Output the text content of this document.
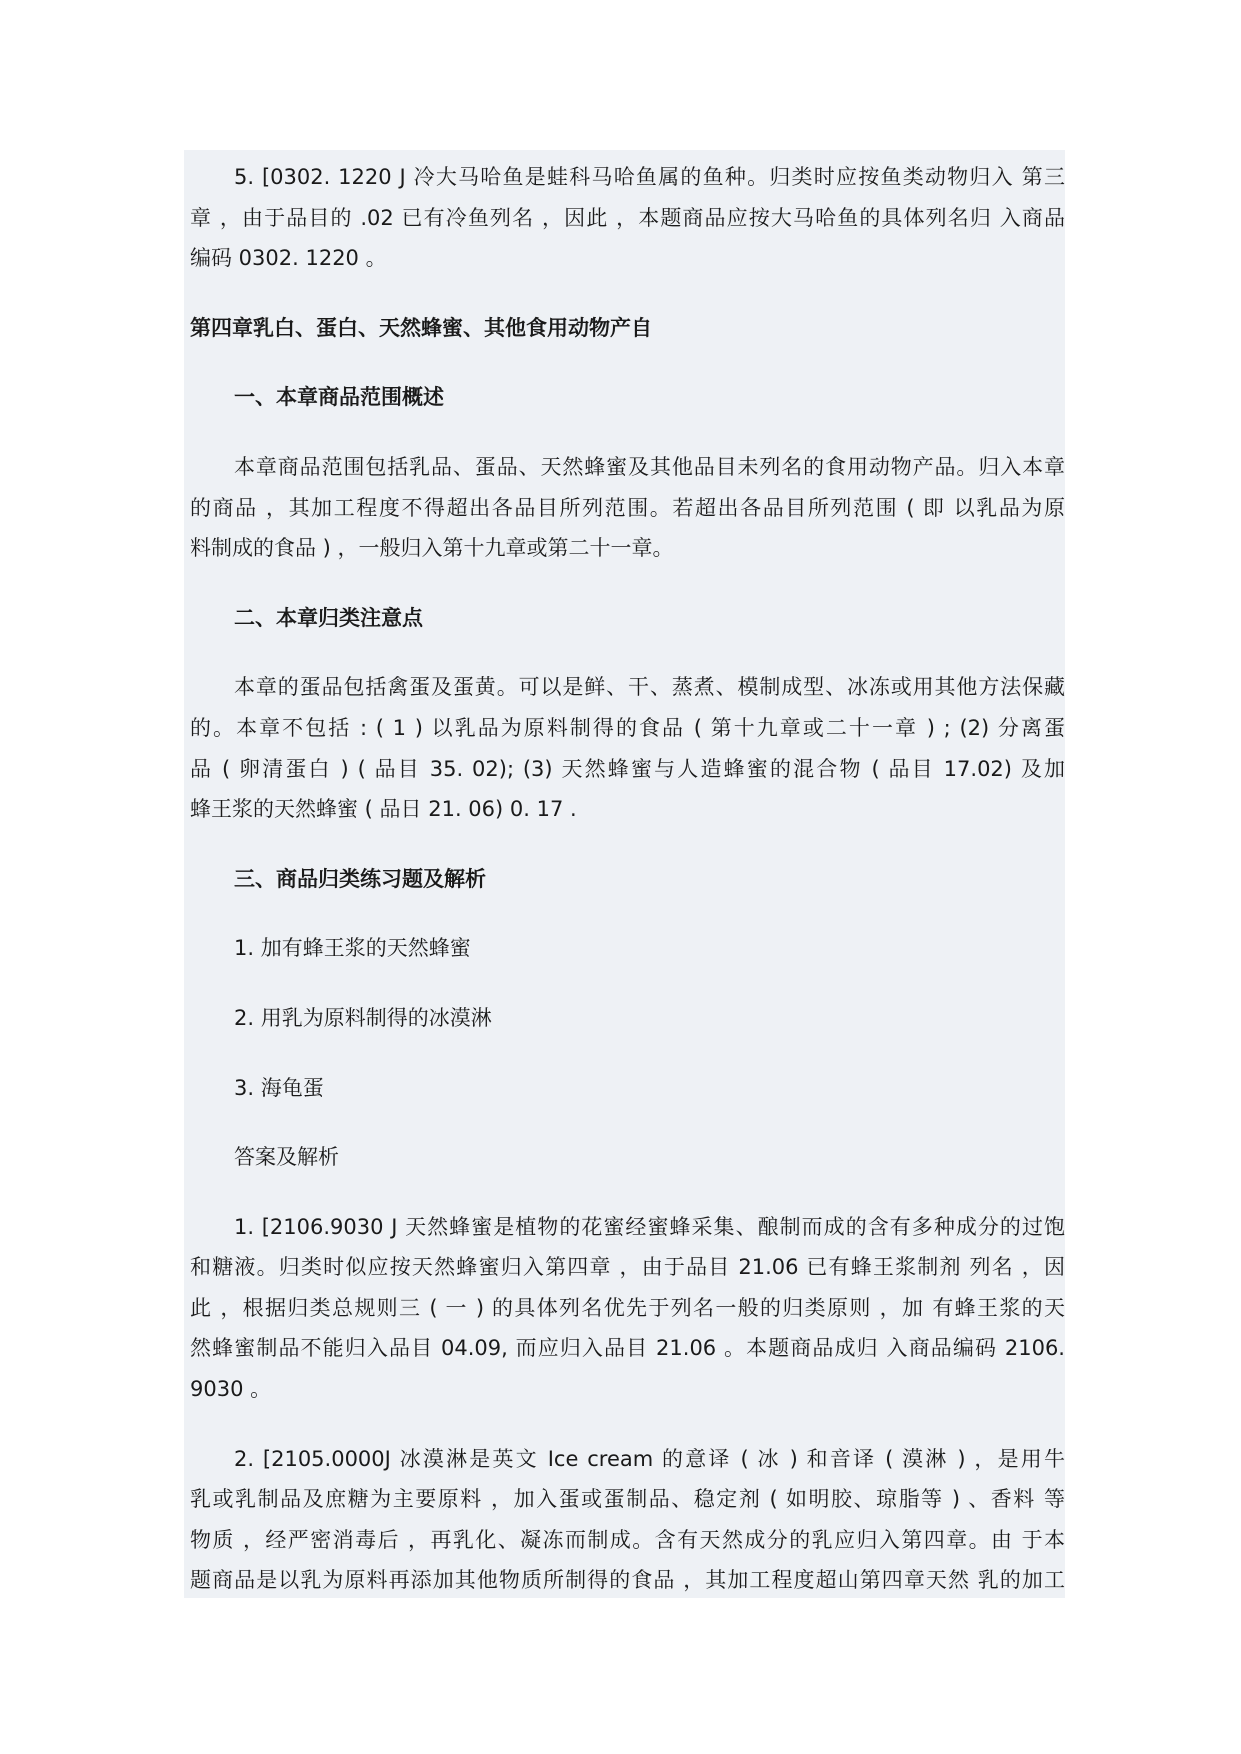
5. [0302. 1220 J 冷大马哈鱼是蛙科马哈鱼属的鱼种。归类时应按鱼类动物归入 第三
章 ，由于品目的 .02 已有冷鱼列名 ，因此 ，本题商品应按大马哈鱼的具体列名归 入商品
编码 0302. 1220 。
第四章乳白、蛋白、天然蜂蜜、其他食用动物产自
一、本章商品范围概述
本章商品范围包括乳品、蛋品、天然蜂蜜及其他品目未列名的食用动物产品。归入本章
的商品 ，其加工程度不得超出各品目所列范围。若超出各品目所列范围 ( 即 以乳品为原
料制成的食品 ) ，一般归入第十九章或第二十一章。
二、本章归类注意点
本章的蛋品包括禽蛋及蛋黄。可以是鲜、干、蒸煮、模制成型、冰冻或用其他方法保藏
的。本章不包括 : ( 1 ) 以乳品为原料制得的食品 ( 第十九章或二十一章 ) ; (2) 分离蛋
品 ( 卵清蛋白 ) ( 品目 35. 02); (3) 天然蜂蜜与人造蜂蜜的混合物 ( 品目 17.02) 及加
蜂王浆的天然蜂蜜 ( 品日 21. 06) 0. 17 .
三、商品归类练习题及解析
1. 加有蜂王浆的天然蜂蜜
2. 用乳为原料制得的冰漠淋
3. 海龟蛋
答案及解析
1. [2106.9030 J 天然蜂蜜是植物的花蜜经蜜蜂采集、酿制而成的含有多种成分的过饱
和糖液。归类时似应按天然蜂蜜归入第四章 ，由于品目 21.06 已有蜂王浆制剂 列名 ，因
此 ，根据归类总规则三 ( 一 ) 的具体列名优先于列名一般的归类原则 ，加 有蜂王浆的天
然蜂蜜制品不能归入品目 04.09, 而应归入品目 21.06 。本题商品成归 入商品编码 2106.
9030 。
2. [2105.0000J 冰漠淋是英文 Ice cream 的意译 ( 冰 ) 和音译 ( 漠淋 ) ，是用牛
乳或乳制品及庶糖为主要原料 ，加入蛋或蛋制品、稳定剂 ( 如明胶、琼脂等 ) 、香料 等
物质 ，经严密消毒后 ，再乳化、凝冻而制成。含有天然成分的乳应归入第四章。由 于本
题商品是以乳为原料再添加其他物质所制得的食品 ，其加工程度超山第四章天然 乳的加工
